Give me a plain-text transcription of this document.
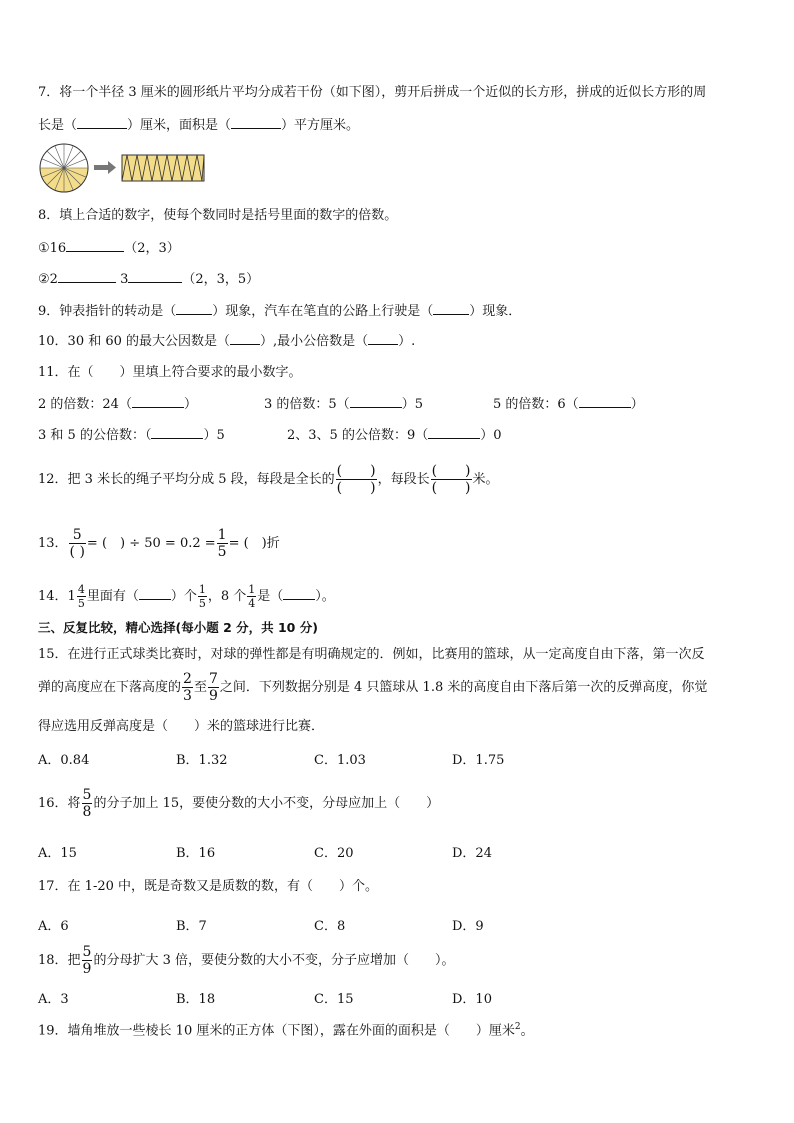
7．将一个半径 3 厘米的圆形纸片平均分成若干份（如下图），剪开后拼成一个近似的长方形，拼成的近似长方形的周
长是（	）厘米，面积是（	）平方厘米。
8．填上合适的数字，使每个数同时是括号里面的数字的倍数。
①16	（2，3）
②2	3	（2，3，5）
9．钟表指针的转动是（	）现象，汽车在笔直的公路上行驶是（	）现象．
10．30 和 60 的最大公因数是（ ）,最小公倍数是（ ）.
11．在（　　）里填上符合要求的最小数字。
2 的倍数：24（	）	3 的倍数：5（	）5	5 的倍数：6（	）
3 和 5 的公倍数：（	）5	2、3、5 的公倍数：9（	）0
12．把 3 米长的绳子平均分成 5 段，每段是全长的 $\frac{( )}{( )}$ ，每段长 $\frac{( )}{( )}$ 米。
13． $\frac{5}{( )}$ = (　) ÷ $50 = 0.2 = \frac{1}{5}$ = (　)折
14．$1 \frac{4}{5}$ 里面有（ ）个 $\frac{1}{5}$ ，8 个 $\frac{1}{4}$ 是（ ）。
三、反复比较，精心选择(每小题 2 分，共 10 分)
15．在进行正式球类比赛时，对球的弹性都是有明确规定的．例如，比赛用的篮球，从一定高度自由下落，第一次反
弹的高度应在下落高度的 $\frac{2}{3}$ 至 $\frac{7}{9}$ 之间．下列数据分别是 4 只篮球从 1.8 米的高度自由下落后第一次的反弹高度，你觉
得应选用反弹高度是（　　）米的篮球进行比赛．
A．0.84	B．1.32	C．1.03	D．1.75
16．将 $\frac{5}{8}$ 的分子加上 15，要使分数的大小不变，分母应加上（　　）
A．15	B．16	C．20	D．24
17．在 1-20 中，既是奇数又是质数的数，有（　　）个。
A．6	B．7	C．8	D．9
18．把 $\frac{5}{9}$ 的分母扩大 3 倍，要使分数的大小不变，分子应增加（　　）。
A．3	B．18	C．15	D．10
19．墙角堆放一些棱长 10 厘米的正方体（下图），露在外面的面积是（　　）厘米$^2$。
